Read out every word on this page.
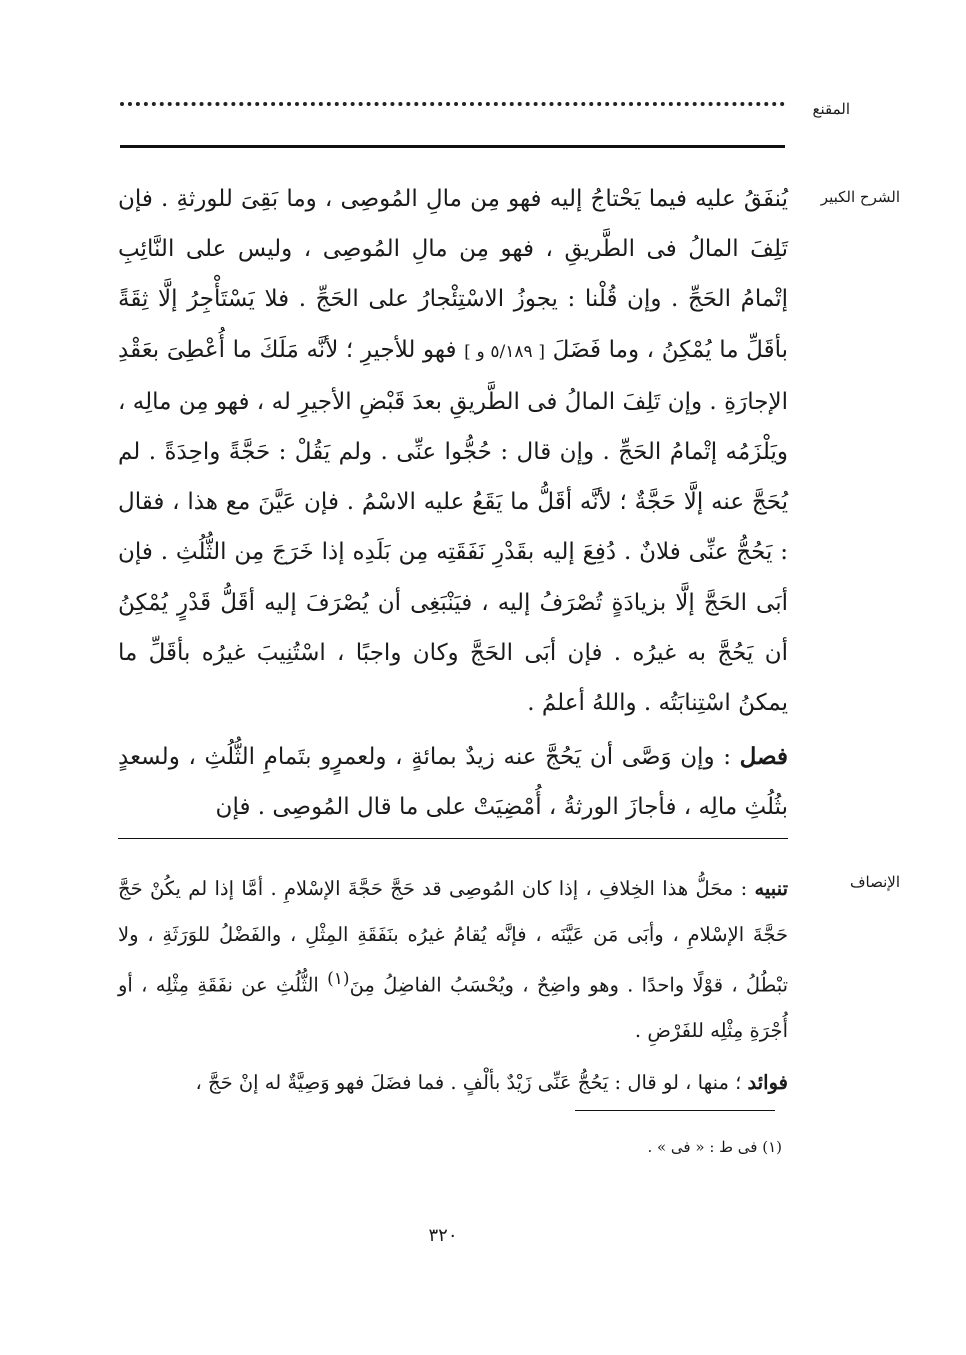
المقنع
الشرح الكبير

يُنفَقُ عليه فيما يَحْتاجُ إليه فهو مِن مالِ المُوصِى ، وما بَقِىَ للورثةِ . فإن تَلِفَ المالُ فى الطَّريقِ ، فهو مِن مالِ المُوصِى ، وليس على النَّائِبِ إتْمامُ الحَجِّ . وإن قُلْنا : يجوزُ الاسْتِئْجارُ على الحَجِّ . فلا يَسْتَأْجِرُ إلَّا ثِقَةً بأقَلِّ ما يُمْكِنُ ، وما فَضَلَ [ ٥/١٨٩ و ] فهو للأجيرِ ؛ لأنَّه مَلَكَ ما أُعْطِىَ بعَقْدِ الإجارَةِ . وإن تَلِفَ المالُ فى الطَّريقِ بعدَ قَبْضِ الأجيرِ له ، فهو مِن مالِه ، ويَلْزَمُه إتْمامُ الحَجِّ . وإن قال : حُجُّوا عنِّى . ولم يَقُلْ : حَجَّةً واحِدَةً . لم يُحَجَّ عنه إلَّا حَجَّةٌ ؛ لأنَّه أقَلُّ ما يَقَعُ عليه الاسْمُ . فإن عَيَّنَ مع هذا ، فقال : يَحُجُّ عنِّى فلانٌ . دُفِعَ إليه بقَدْرِ نَفَقَتِه مِن بَلَدِه إذا خَرَجَ مِن الثُّلُثِ . فإن أبَى الحَجَّ إلَّا بزيادَةٍ تُصْرَفُ إليه ، فيَنْبَغِى أن يُصْرَفَ إليه أقَلُّ قَدْرٍ يُمْكِنُ أن يَحُجَّ به غيرُه . فإن أبَى الحَجَّ وكان واجبًا ، اسْتُنِيبَ غيرُه بأقَلِّ ما يمكنُ اسْتِنابَتُه . واللهُ أعلمُ .

فصل : وإن وَصَّى أن يَحُجَّ عنه زيدٌ بمائةٍ ، ولعمرٍو بتَمامِ الثُّلُثِ ، ولسعدٍ بثُلُثِ مالِه ، فأجازَ الورثةُ ، أُمْضِيَتْ على ما قال المُوصِى . فإن

الإنصاف

تنبيه : محَلُّ هذا الخِلافِ ، إذا كان المُوصِى قد حَجَّ حَجَّةَ الإسْلامِ . أمَّا إذا لم يكُنْ حَجَّ حَجَّةَ الإسْلامِ ، وأبَى مَن عَيَّنَه ، فإنَّه يُقامُ غيرُه بنَفَقَةِ المِثْلِ ، والفَضْلُ للوَرَثَةِ ، ولا تبْطُلُ ، قوْلًا واحدًا . وهو واضِحٌ ، ويُحْسَبُ الفاضِلُ مِنَ$^{(١)}$ الثُّلُثِ عن نفَقَةِ مِثْلِه ، أو أُجْرَةِ مِثْلِه للفَرْضِ .

فوائد ؛ منها ، لو قال : يَحُجُّ عَنِّى زَيْدٌ بألْفٍ . فما فضَلَ فهو وَصِيَّةٌ له إنْ حَجَّ ،

(١) فى ط : « فى » .
٣٢٠
